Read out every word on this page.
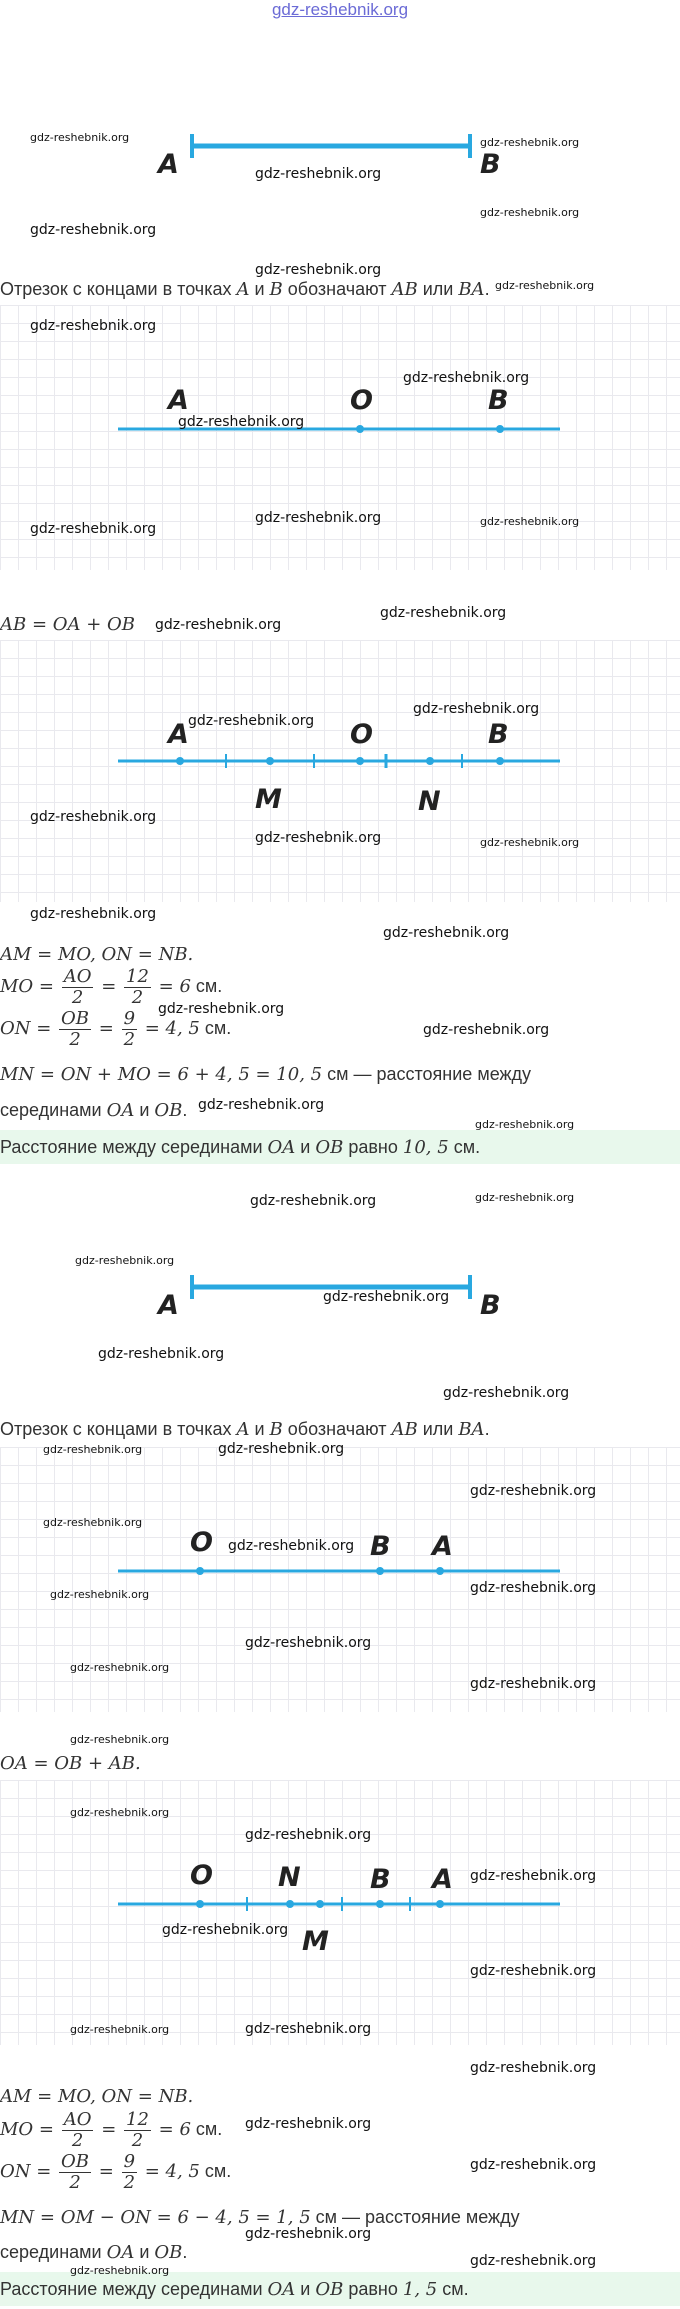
gdz-reshebnik.org
A	B
Отрезок с концами в точках A и B обозначают AB или BA.
A	O	B
AB = OA + OB
A	O	B
M	N
AM = MO, ON = NB.
MO = $\frac{AO}{2} = \frac{12}{2} = 6$ см.
ON = $\frac{OB}{2} = \frac{9}{2} = 4$, 5 см.
MN = ON + MO = 6 + 4, 5 = 10, 5 см — расстояние между
серединами OA и OB.
Расстояние между серединами OA и OB равно 10, 5 см.
A	B
Отрезок с концами в точках A и B обозначают AB или BA.
O	B A
OA = OB + AB.
O N	B A
M
AM = MO, ON = NB.
MO = $\frac{AO}{2} = \frac{12}{2} = 6$ см.
ON = $\frac{OB}{2} = \frac{9}{2} = 4$, 5 см.
MN = OM − ON = 6 − 4, 5 = 1, 5 см — расстояние между
серединами OA и OB.
Расстояние между серединами OA и OB равно 1, 5 см.
gdz-reshebnik.org
gdz-reshebnik.org
gdz-reshebnik.org
gdz-reshebnik.org
gdz-reshebnik.org
gdz-reshebnik.org
gdz-reshebnik.org
gdz-reshebnik.org
gdz-reshebnik.org
gdz-reshebnik.org
gdz-reshebnik.org	gdz-reshebnik.org
gdz-reshebnik.org
gdz-reshebnik.org
gdz-reshebnik.org
gdz-reshebnik.org
gdz-reshebnik.org
gdz-reshebnik.org
gdz-reshebnik.org	gdz-reshebnik.org
gdz-reshebnik.org
gdz-reshebnik.org
gdz-reshebnik.org
gdz-reshebnik.org
gdz-reshebnik.org
gdz-reshebnik.org
gdz-reshebnik.org	gdz-reshebnik.org
gdz-reshebnik.org
gdz-reshebnik.org
gdz-reshebnik.org
gdz-reshebnik.org
gdz-reshebnik.org	gdz-reshebnik.org
gdz-reshebnik.org
gdz-reshebnik.org
gdz-reshebnik.org
gdz-reshebnik.org
gdz-reshebnik.org
gdz-reshebnik.org
gdz-reshebnik.org
gdz-reshebnik.org
gdz-reshebnik.org
gdz-reshebnik.org
gdz-reshebnik.org
gdz-reshebnik.org
gdz-reshebnik.org
gdz-reshebnik.org
gdz-reshebnik.org	gdz-reshebnik.org
gdz-reshebnik.org
gdz-reshebnik.org
gdz-reshebnik.org
gdz-reshebnik.org
gdz-reshebnik.org
gdz-reshebnik.org
